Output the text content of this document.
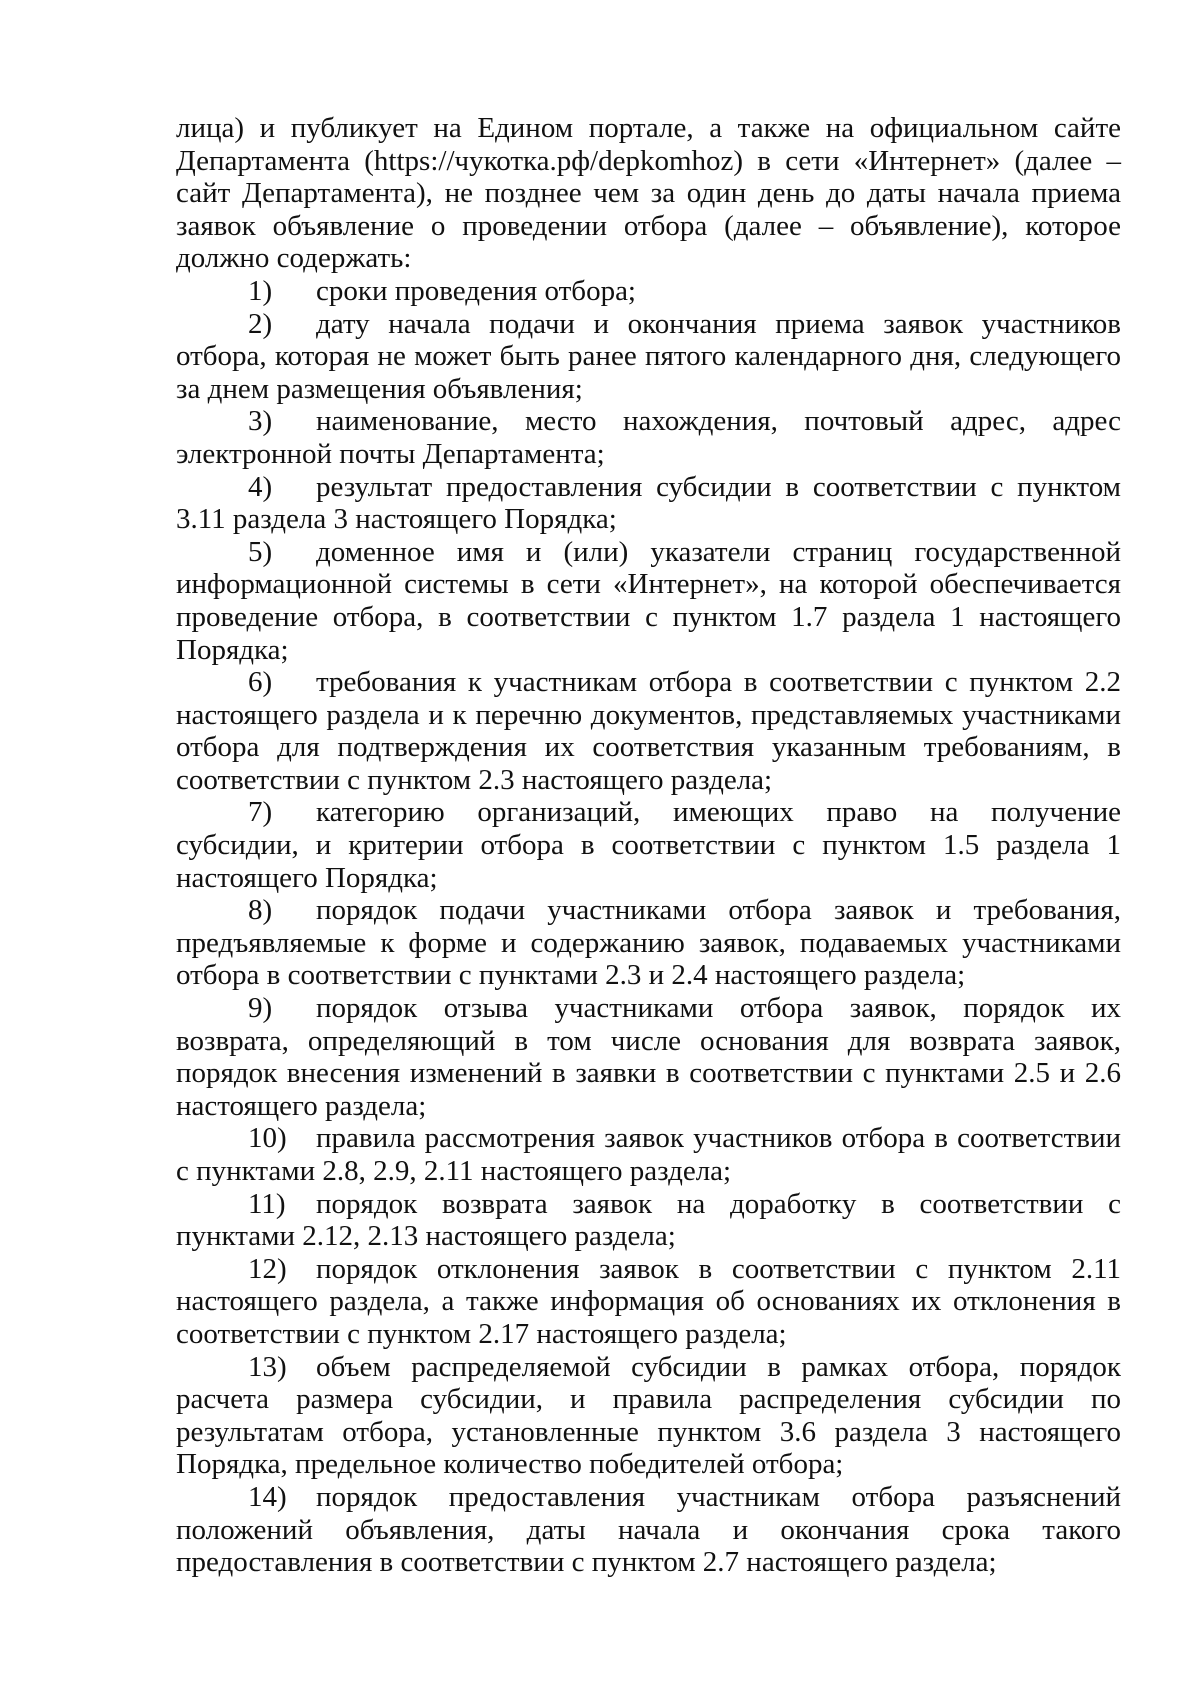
лица) и публикует на Едином портале, а также на официальном сайте Департамента (https://чукотка.рф/depkomhoz) в сети «Интернет» (далее – сайт Департамента), не позднее чем за один день до даты начала приема заявок объявление о проведении отбора (далее – объявление), которое должно содержать:

1) сроки проведения отбора;

2) дату начала подачи и окончания приема заявок участников отбора, которая не может быть ранее пятого календарного дня, следующего за днем размещения объявления;

3) наименование, место нахождения, почтовый адрес, адрес электронной почты Департамента;

4) результат предоставления субсидии в соответствии с пунктом 3.11 раздела 3 настоящего Порядка;

5) доменное имя и (или) указатели страниц государственной информационной системы в сети «Интернет», на которой обеспечивается проведение отбора, в соответствии с пунктом 1.7 раздела 1 настоящего Порядка;

6) требования к участникам отбора в соответствии с пунктом 2.2 настоящего раздела и к перечню документов, представляемых участниками отбора для подтверждения их соответствия указанным требованиям, в соответствии с пунктом 2.3 настоящего раздела;

7) категорию организаций, имеющих право на получение субсидии, и критерии отбора в соответствии с пунктом 1.5 раздела 1 настоящего Порядка;

8) порядок подачи участниками отбора заявок и требования, предъявляемые к форме и содержанию заявок, подаваемых участниками отбора в соответствии с пунктами 2.3 и 2.4 настоящего раздела;

9) порядок отзыва участниками отбора заявок, порядок их возврата, определяющий в том числе основания для возврата заявок, порядок внесения изменений в заявки в соответствии с пунктами 2.5 и 2.6 настоящего раздела;

10) правила рассмотрения заявок участников отбора в соответствии с пунктами 2.8, 2.9, 2.11 настоящего раздела;

11) порядок возврата заявок на доработку в соответствии с пунктами 2.12, 2.13 настоящего раздела;

12) порядок отклонения заявок в соответствии с пунктом 2.11 настоящего раздела, а также информация об основаниях их отклонения в соответствии с пунктом 2.17 настоящего раздела;

13) объем распределяемой субсидии в рамках отбора, порядок расчета размера субсидии, и правила распределения субсидии по результатам отбора, установленные пунктом 3.6 раздела 3 настоящего Порядка, предельное количество победителей отбора;

14) порядок предоставления участникам отбора разъяснений положений объявления, даты начала и окончания срока такого предоставления в соответствии с пунктом 2.7 настоящего раздела;
